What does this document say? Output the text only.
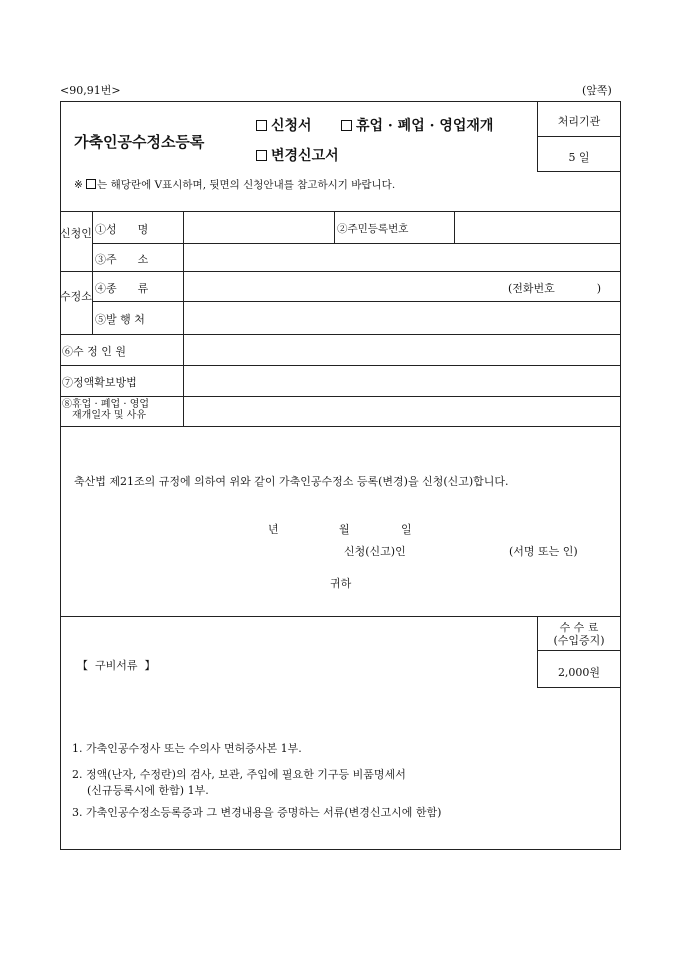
<90,91번>	(앞쪽)
가축인공수정소등록
신청서	휴업 · 폐업 · 영업재개
변경신고서
처리기관
5 일
※ 는 해당란에 V표시하며, 뒷면의 신청안내를 참고하시기 바랍니다.
신청인 ①성      명	②주민등록번호
③주      소
수정소
④종      류	(전화번호            )
⑤발 행 처
⑥수 정 인 원
⑦정액확보방법
⑧휴업 · 폐업 · 영업
재개일자 및 사유
축산법 제21조의 규정에 의하여 위와 같이 가축인공수정소 등록(변경)을 신청(신고)합니다.
년	월	일
신청(신고)인	(서명 또는 인)
귀하
수 수 료
(수입증지)
2,000원
【  구비서류  】
1. 가축인공수정사 또는 수의사 면허증사본 1부.
2. 정액(난자, 수정란)의 검사, 보관, 주입에 필요한 기구등 비품명세서
(신규등록시에 한함) 1부.
3. 가축인공수정소등록증과 그 변경내용을 증명하는 서류(변경신고시에 한함)
